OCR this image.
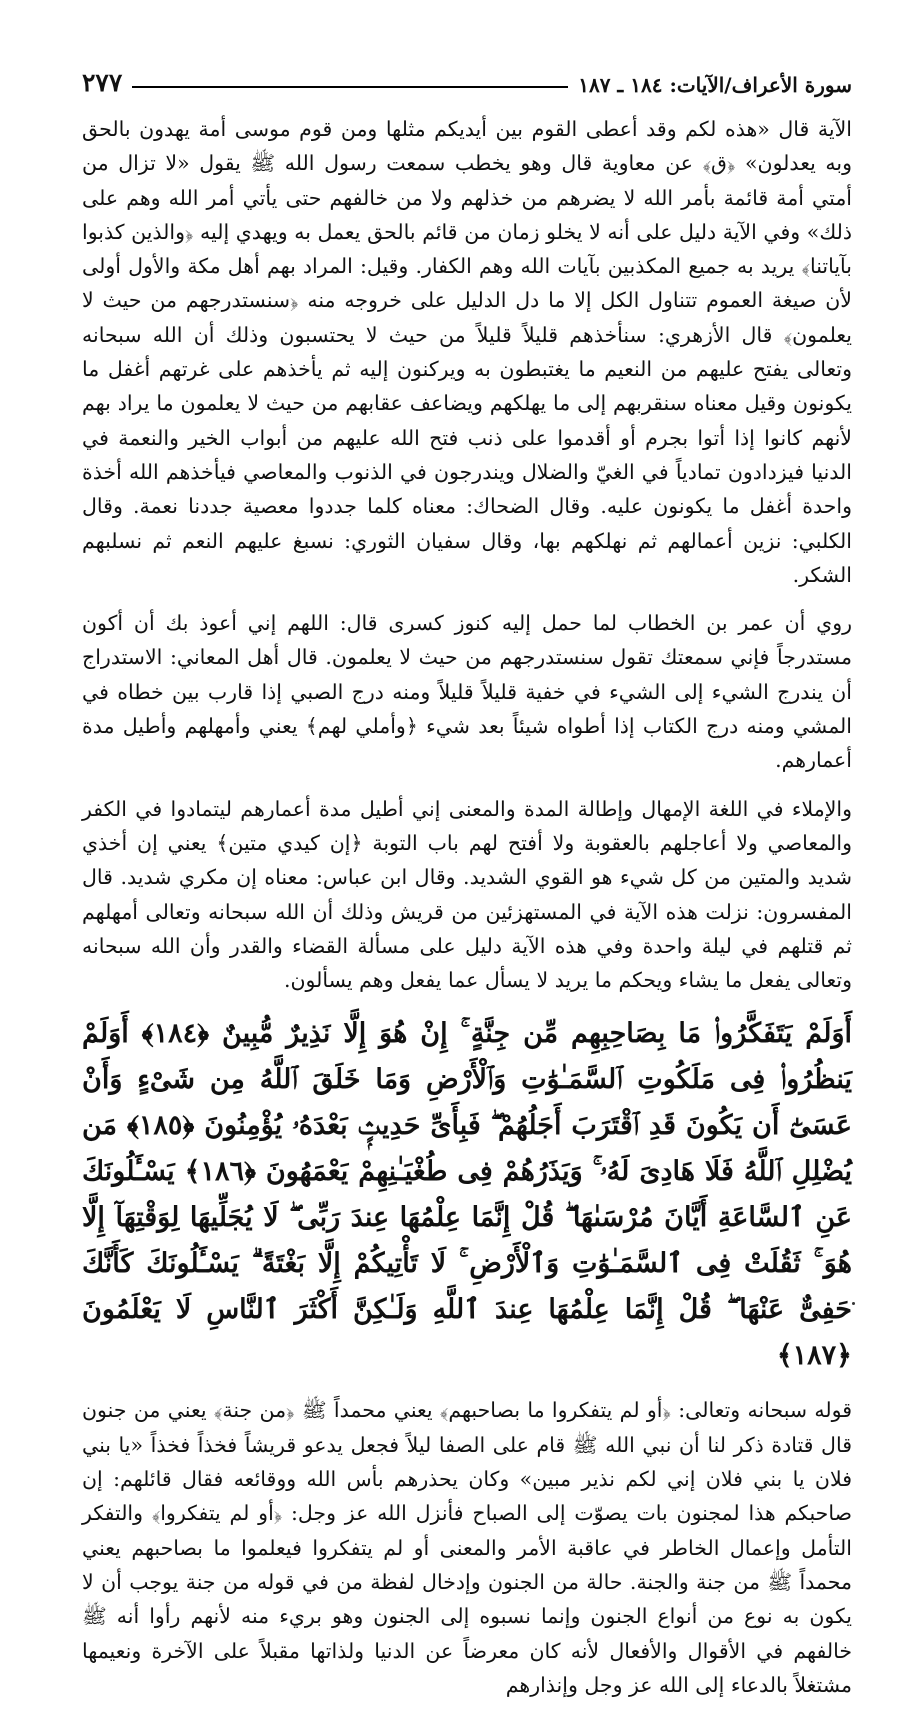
٢٧٧	سورة الأعراف/الآيات: ١٨٤ ـ ١٨٧

الآية قال «هذه لكم وقد أعطى القوم بين أيديكم مثلها ومن قوم موسى أمة يهدون بالحق وبه يعدلون» ﴿ق﴾ عن معاوية قال وهو يخطب سمعت رسول الله ﷺ يقول «لا تزال من أمتي أمة قائمة بأمر الله لا يضرهم من خذلهم ولا من خالفهم حتى يأتي أمر الله وهم على ذلك» وفي الآية دليل على أنه لا يخلو زمان من قائم بالحق يعمل به ويهدي إليه ﴿والذين كذبوا بآياتنا﴾ يريد به جميع المكذبين بآيات الله وهم الكفار. وقيل: المراد بهم أهل مكة والأول أولى لأن صيغة العموم تتناول الكل إلا ما دل الدليل على خروجه منه ﴿سنستدرجهم من حيث لا يعلمون﴾ قال الأزهري: سنأخذهم قليلاً قليلاً من حيث لا يحتسبون وذلك أن الله سبحانه وتعالى يفتح عليهم من النعيم ما يغتبطون به ويركنون إليه ثم يأخذهم على غرتهم أغفل ما يكونون وقيل معناه سنقربهم إلى ما يهلكهم ويضاعف عقابهم من حيث لا يعلمون ما يراد بهم لأنهم كانوا إذا أتوا بجرم أو أقدموا على ذنب فتح الله عليهم من أبواب الخير والنعمة في الدنيا فيزدادون تمادياً في الغيّ والضلال ويندرجون في الذنوب والمعاصي فيأخذهم الله أخذة واحدة أغفل ما يكونون عليه. وقال الضحاك: معناه كلما جددوا معصية جددنا نعمة. وقال الكلبي: نزين أعمالهم ثم نهلكهم بها، وقال سفيان الثوري: نسبغ عليهم النعم ثم نسلبهم الشكر.

روي أن عمر بن الخطاب لما حمل إليه كنوز كسرى قال: اللهم إني أعوذ بك أن أكون مستدرجاً فإني سمعتك تقول سنستدرجهم من حيث لا يعلمون. قال أهل المعاني: الاستدراج أن يندرج الشيء إلى الشيء في خفية قليلاً قليلاً ومنه درج الصبي إذا قارب بين خطاه في المشي ومنه درج الكتاب إذا أطواه شيئاً بعد شيء ﴿وأملي لهم﴾ يعني وأمهلهم وأطيل مدة أعمارهم.

والإملاء في اللغة الإمهال وإطالة المدة والمعنى إني أطيل مدة أعمارهم ليتمادوا في الكفر والمعاصي ولا أعاجلهم بالعقوبة ولا أفتح لهم باب التوبة ﴿إن كيدي متين﴾ يعني إن أخذي شديد والمتين من كل شيء هو القوي الشديد. وقال ابن عباس: معناه إن مكري شديد. قال المفسرون: نزلت هذه الآية في المستهزئين من قريش وذلك أن الله سبحانه وتعالى أمهلهم ثم قتلهم في ليلة واحدة وفي هذه الآية دليل على مسألة القضاء والقدر وأن الله سبحانه وتعالى يفعل ما يشاء ويحكم ما يريد لا يسأل عما يفعل وهم يسألون.

أَوَلَمْ يَتَفَكَّرُوا۟ مَا بِصَاحِبِهِم مِّن جِنَّةٍ ۚ إِنْ هُوَ إِلَّا نَذِيرٌ مُّبِينٌ ﴿١٨٤﴾ أَوَلَمْ يَنظُرُوا۟ فِى مَلَكُوتِ ٱلسَّمَـٰوَٰتِ وَٱلْأَرْضِ وَمَا خَلَقَ ٱللَّهُ مِن شَىْءٍ وَأَنْ عَسَىٰٓ أَن يَكُونَ قَدِ ٱقْتَرَبَ أَجَلُهُمْ ۖ فَبِأَىِّ حَدِيثٍۭ بَعْدَهُۥ يُؤْمِنُونَ ﴿١٨٥﴾ مَن يُضْلِلِ ٱللَّهُ فَلَا هَادِىَ لَهُۥ ۚ وَيَذَرُهُمْ فِى طُغْيَـٰنِهِمْ يَعْمَهُونَ ﴿١٨٦﴾ يَسْـَٔلُونَكَ عَنِ ٱلسَّاعَةِ أَيَّانَ مُرْسَىٰهَا ۖ قُلْ إِنَّمَا عِلْمُهَا عِندَ رَبِّى ۖ لَا يُجَلِّيهَا لِوَقْتِهَآ إِلَّا هُوَ ۚ ثَقُلَتْ فِى ٱلسَّمَـٰوَٰتِ وَٱلْأَرْضِ ۚ لَا تَأْتِيكُمْ إِلَّا بَغْتَةً ۗ يَسْـَٔلُونَكَ كَأَنَّكَ حَفِىٌّ عَنْهَا ۖ قُلْ إِنَّمَا عِلْمُهَا عِندَ ٱللَّهِ وَلَـٰكِنَّ أَكْثَرَ ٱلنَّاسِ لَا يَعْلَمُونَ ﴿١٨٧﴾

قوله سبحانه وتعالى: ﴿أو لم يتفكروا ما بصاحبهم﴾ يعني محمداً ﷺ ﴿من جنة﴾ يعني من جنون قال قتادة ذكر لنا أن نبي الله ﷺ قام على الصفا ليلاً فجعل يدعو قريشاً فخذاً فخذاً «يا بني فلان يا بني فلان إني لكم نذير مبين» وكان يحذرهم بأس الله ووقائعه فقال قائلهم: إن صاحبكم هذا لمجنون بات يصوّت إلى الصباح فأنزل الله عز وجل: ﴿أو لم يتفكروا﴾ والتفكر التأمل وإعمال الخاطر في عاقبة الأمر والمعنى أو لم يتفكروا فيعلموا ما بصاحبهم يعني محمداً ﷺ من جنة والجنة. حالة من الجنون وإدخال لفظة من في قوله من جنة يوجب أن لا يكون به نوع من أنواع الجنون وإنما نسبوه إلى الجنون وهو بريء منه لأنهم رأوا أنه ﷺ خالفهم في الأقوال والأفعال لأنه كان معرضاً عن الدنيا ولذاتها مقبلاً على الآخرة ونعيمها مشتغلاً بالدعاء إلى الله عز وجل وإنذارهم
